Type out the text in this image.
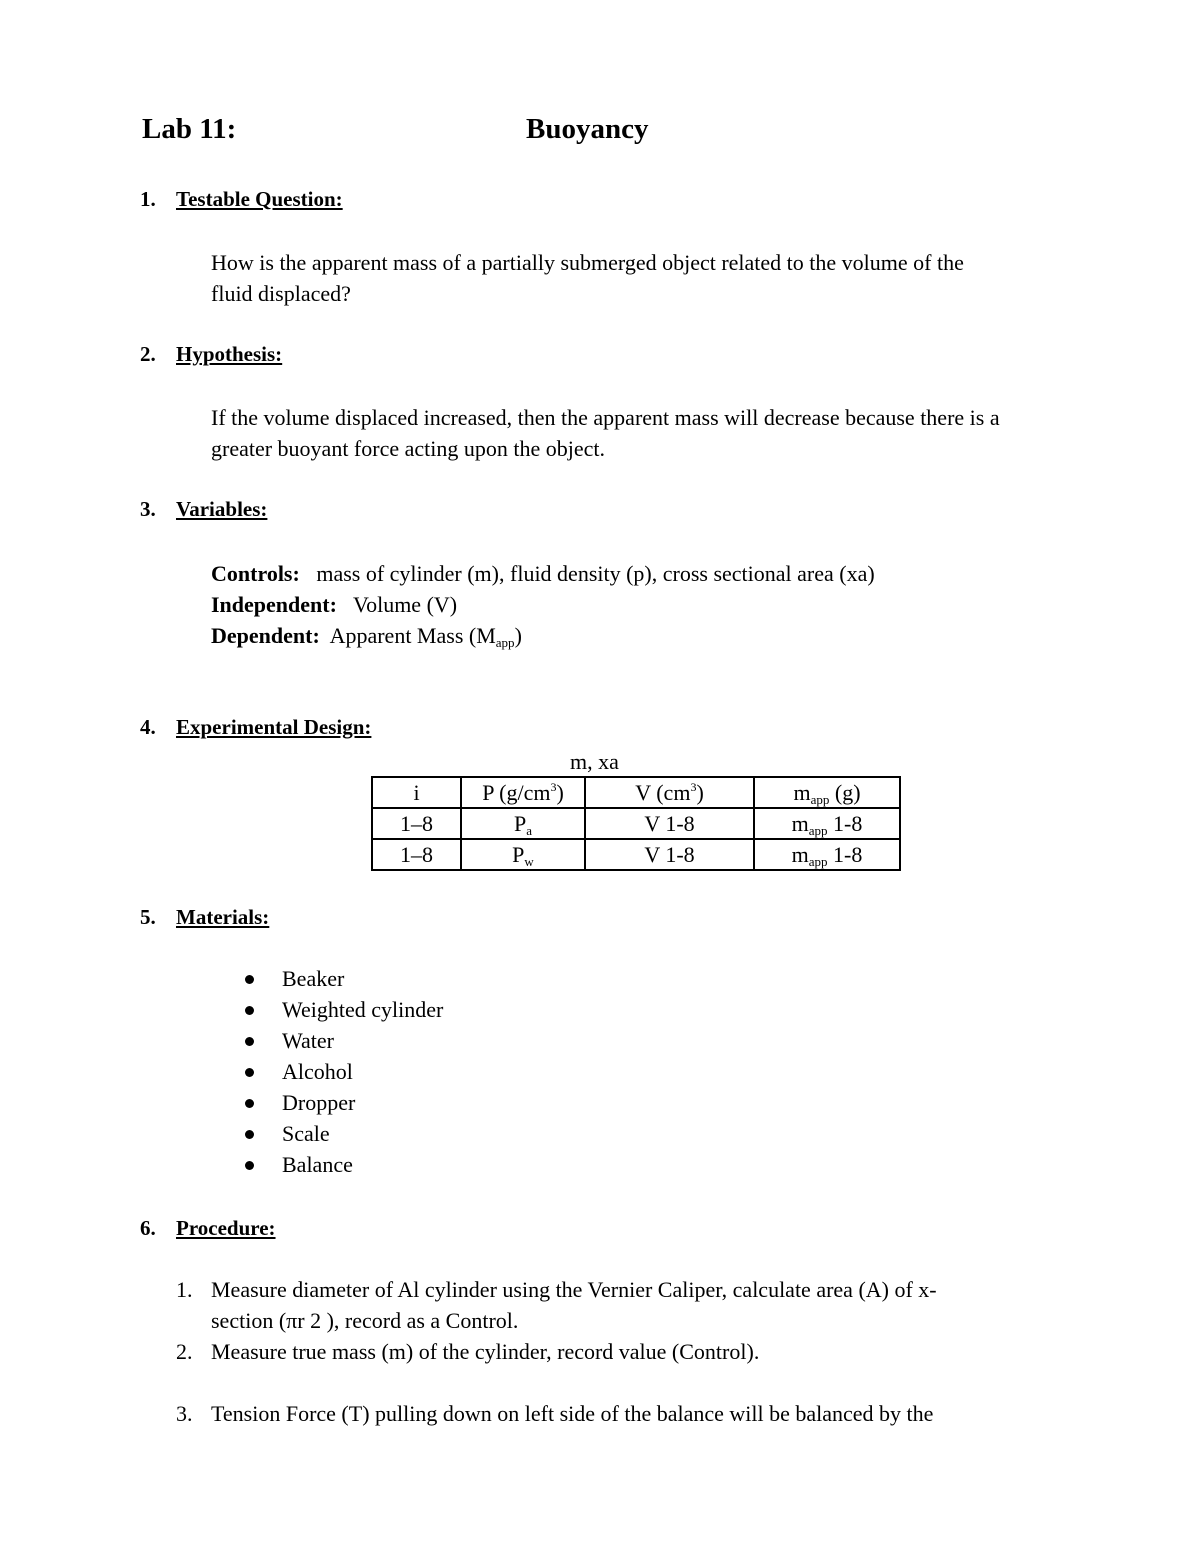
Lab 11:	Buoyancy
1. Testable Question:
How is the apparent mass of a partially submerged object related to the volume of the
fluid displaced?
2. Hypothesis:
If the volume displaced increased, then the apparent mass will decrease because there is a
greater buoyant force acting upon the object.
3. Variables:
Controls: mass of cylinder (m), fluid density (p), cross sectional area (xa)
Independent: Volume (V)
Dependent: Apparent Mass $(M_{app})$
4. Experimental Design:
m, xa
i	P $(g/cm^3)$	V $(cm^3)$	$m_{app}$ (g)
1–8	$P_a$	V 1-8	$m_{app}$ 1-8
1–8	$P_w$	V 1-8	$m_{app}$ 1-8
5. Materials:
Beaker
Weighted cylinder
Water
Alcohol
Dropper
Scale
Balance
6. Procedure:
1. Measure diameter of Al cylinder using the Vernier Caliper, calculate area (A) of x-
section (πr 2 ), record as a Control.
2. Measure true mass (m) of the cylinder, record value (Control).
3. Tension Force (T) pulling down on left side of the balance will be balanced by the
